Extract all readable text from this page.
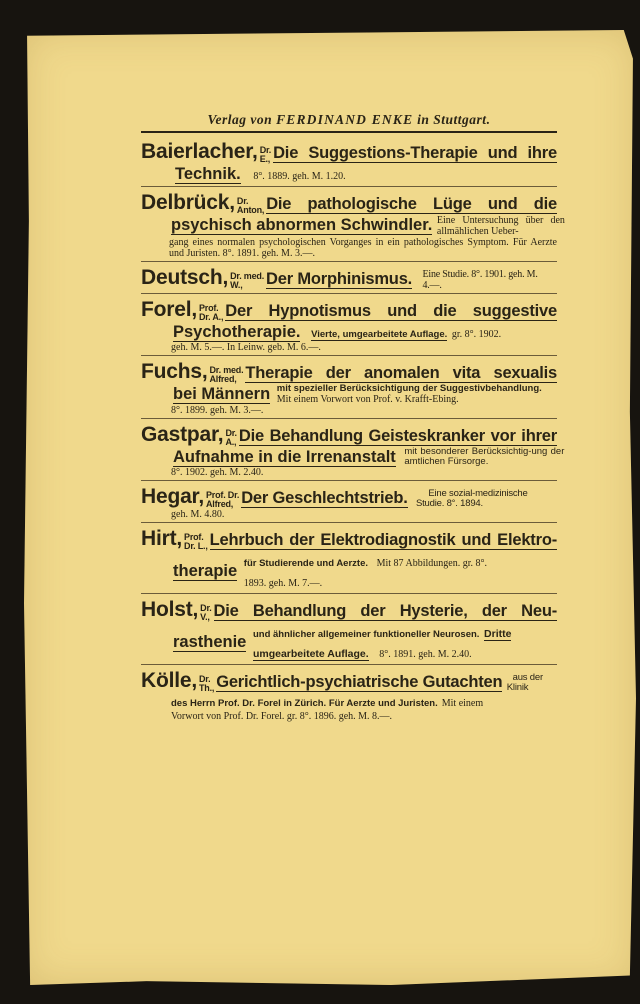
Verlag von FERDINAND ENKE in Stuttgart.
Baierlacher, Dr.
E., Die Suggestions-Therapie und ihre
Technik. 8°. 1889. geh. M. 1.20.
Delbrück, Dr.
Anton, Die pathologische Lüge und die
psychisch abnormen Schwindler. Eine Untersuchung über den allmählichen Ueber-
gang eines normalen psychologischen Vorganges in ein pathologisches Symptom. Für Aerzte und Juristen. 8°. 1891. geh. M. 3.—.
Deutsch, Dr. med.
W., Der Morphinismus. Eine Studie. 8°. 1901. geh. M. 4.—.
Forel, Prof.
Dr. A., Der Hypnotismus und die suggestive
Psychotherapie. Vierte, umgearbeitete Auflage. gr. 8°. 1902.
geh. M. 5.—. In Leinw. geb. M. 6.—.
Fuchs, Dr. med.
Alfred, Therapie der anomalen vita sexualis
bei Männern mit spezieller Berücksichtigung der Suggestivbehandlung.
Mit einem Vorwort von Prof. v. Krafft-Ebing.
8°. 1899. geh. M. 3.—.
Gastpar, Dr.
A., Die Behandlung Geisteskranker vor ihrer
Aufnahme in die Irrenanstalt mit besonderer Berücksichtig-ung der amtlichen Fürsorge.
8°. 1902. geh. M. 2.40.
Hegar, Prof. Dr.
Alfred, Der Geschlechtstrieb. Eine sozial-medizinische Studie. 8°. 1894.
geh. M. 4.80.
Hirt, Prof.
Dr. L., Lehrbuch der Elektrodiagnostik und Elektro-
therapie für Studierende und Aerzte. Mit 87 Abbildungen. gr. 8°.
1893. geh. M. 7.—.
Holst, Dr.
V., Die Behandlung der Hysterie, der Neu-
rasthenie und ähnlicher allgemeiner funktioneller Neurosen. Dritte
umgearbeitete Auflage. 8°. 1891. geh. M. 2.40.
Kölle, Dr.
Th., Gerichtlich-psychiatrische Gutachten aus der Klinik
des Herrn Prof. Dr. Forel in Zürich. Für Aerzte und Juristen. Mit einem
Vorwort von Prof. Dr. Forel. gr. 8°. 1896. geh. M. 8.—.
